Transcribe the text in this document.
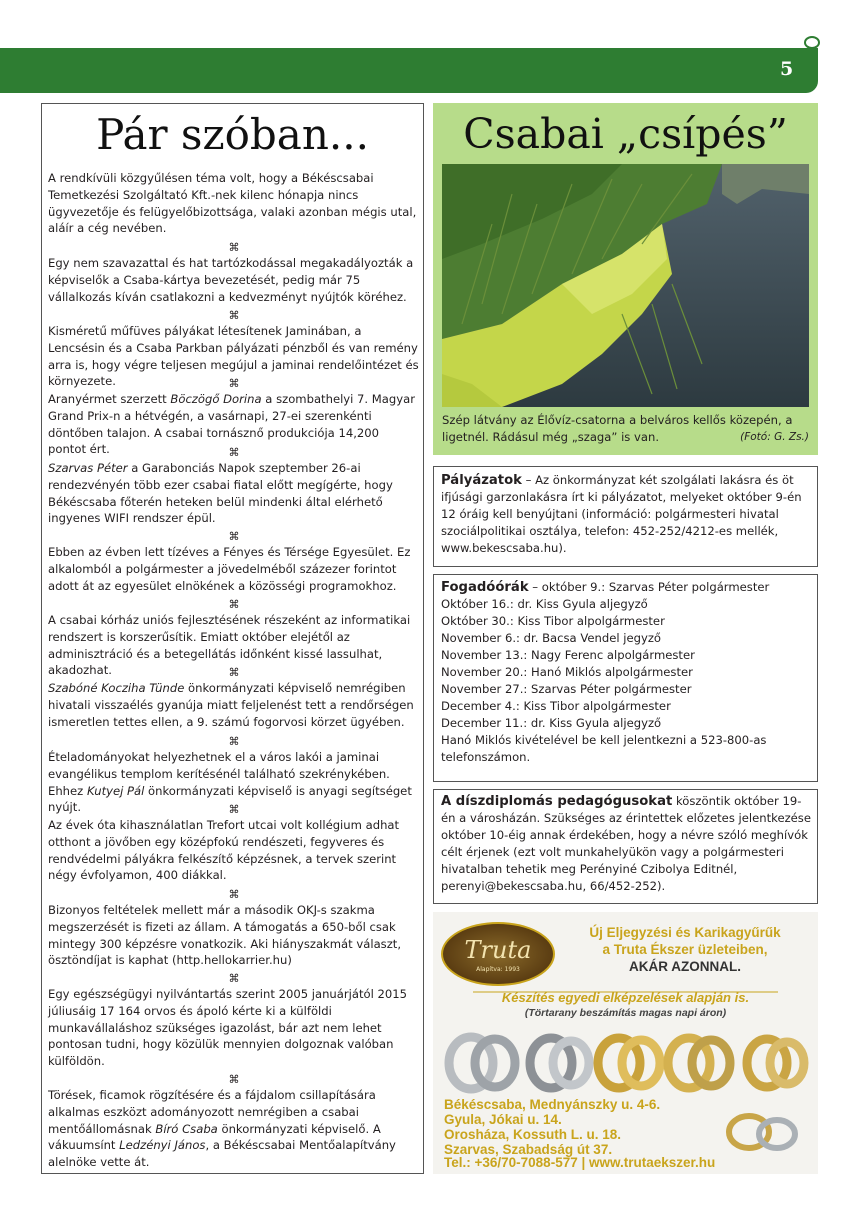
CSABAIAKTUÁLIS
5
Pár szóban...
A rendkívüli közgyűlésen téma volt, hogy a Békéscsabai Temetkezési Szolgáltató Kft.-nek kilenc hónapja nincs ügyvezetője és felügyelőbizottsága, valaki azonban mégis utal, aláír a cég nevében.
Egy nem szavazattal és hat tartózkodással megakadályozták a képviselők a Csaba-kártya bevezetését, pedig már 75 vállalkozás kíván csatlakozni a kedvezményt nyújtók köréhez.
Kisméretű műfüves pályákat létesítenek Jaminában, a Lencsésin és a Csaba Parkban pályázati pénzből és van remény arra is, hogy végre teljesen megújul a jaminai rendelőintézet és környezete.
Aranyérmet szerzett Böczögő Dorina a szombathelyi 7. Magyar Grand Prix-n a hétvégén, a vasárnapi, 27-ei szerenkénti döntőben talajon. A csabai tornásznő produkciója 14,200 pontot ért.
Szarvas Péter a Garabonciás Napok szeptember 26-ai rendezvényén több ezer csabai fiatal előtt megígérte, hogy Békéscsaba főterén heteken belül mindenki által elérhető ingyenes WIFI rendszer épül.
Ebben az évben lett tízéves a Fényes és Térsége Egyesület. Ez alkalomból a polgármester a jövedelméből százezer forintot adott át az egyesület elnökének a közösségi programokhoz.
A csabai kórház uniós fejlesztésének részeként az informatikai rendszert is korszerűsítik. Emiatt október elejétől az adminisztráció és a betegellátás időnként kissé lassulhat, akadozhat.
Szabóné Kocziha Tünde önkormányzati képviselő nemrégiben hivatali visszaélés gyanúja miatt feljelenést tett a rendőrségen ismeretlen tettes ellen, a 9. számú fogorvosi körzet ügyében.
Ételadományokat helyezhetnek el a város lakói a jaminai evangélikus templom kerítésénél található szekrénykében. Ehhez Kutyej Pál önkormányzati képviselő is anyagi segítséget nyújt.
Az évek óta kihasználatlan Trefort utcai volt kollégium adhat otthont a jövőben egy középfokú rendészeti, fegyveres és rendvédelmi pályákra felkészítő képzésnek, a tervek szerint négy évfolyamon, 400 diákkal.
Bizonyos feltételek mellett már a második OKJ-s szakma megszerzését is fizeti az állam. A támogatás a 650-ből csak mintegy 300 képzésre vonatkozik. Aki hiányszakmát választ, ösztöndíjat is kaphat (http.hellokarrier.hu)
Egy egészségügyi nyilvántartás szerint 2005 januárjától 2015 júliusáig 17 164 orvos és ápoló kérte ki a külföldi munkavállaláshoz szükséges igazolást, bár azt nem lehet pontosan tudni, hogy közülük mennyien dolgoznak valóban külföldön.
Törések, ficamok rögzítésére és a fájdalom csillapítására alkalmas eszközt adományozott nemrégiben a csabai mentőállomásnak Bíró Csaba önkormányzati képviselő. A vákuumsínt Ledzényi János, a Békéscsabai Mentőalapítvány alelnöke vette át.
⌘
⌘
⌘
⌘
⌘
⌘
⌘
⌘
⌘
⌘
⌘
⌘
Csabai „csípés”
Szép látvány az Élővíz-csatorna a belváros kellős közepén, a ligetnél. Rádásul még „szaga” is van.	(Fotó: G. Zs.)
Pályázatok – Az önkormányzat két szolgálati lakásra és öt ifjúsági garzonlakásra írt ki pályázatot, melyeket október 9-én 12 óráig kell benyújtani (információ: polgármesteri hivatal szociálpolitikai osztálya, telefon: 452-252/4212-es mellék, www.bekescsaba.hu).
Fogadóórák – október 9.: Szarvas Péter polgármester
Október 16.: dr. Kiss Gyula aljegyző
Október 30.: Kiss Tibor alpolgármester
November 6.: dr. Bacsa Vendel jegyző
November 13.: Nagy Ferenc alpolgármester
November 20.: Hanó Miklós alpolgármester
November 27.: Szarvas Péter polgármester
December 4.: Kiss Tibor alpolgármester
December 11.: dr. Kiss Gyula aljegyző
Hanó Miklós kivételével be kell jelentkezni a 523-800-as telefonszámon.
A díszdiplomás pedagógusokat köszöntik október 19-én a városházán. Szükséges az érintettek előzetes jelentkezése október 10-éig annak érdekében, hogy a névre szóló meghívók célt érjenek (ezt volt munkahelyükön vagy a polgármesteri hivatalban tehetik meg Perényiné Czibolya Editnél, perenyi@bekescsaba.hu, 66/452-252).
Truta
Alapítva: 1993
Új Eljegyzési és Karikagyűrűk
a Truta Ékszer üzleteiben,
AKÁR AZONNAL.
Készítés egyedi elképzelések alapján is.
(Törtarany beszámítás magas napi áron)
Békéscsaba, Mednyánszky u. 4-6.
Gyula, Jókai u. 14.
Orosháza, Kossuth L. u. 18.
Szarvas, Szabadság út 37.
Tel.: +36/70-7088-577 | www.trutaekszer.hu
